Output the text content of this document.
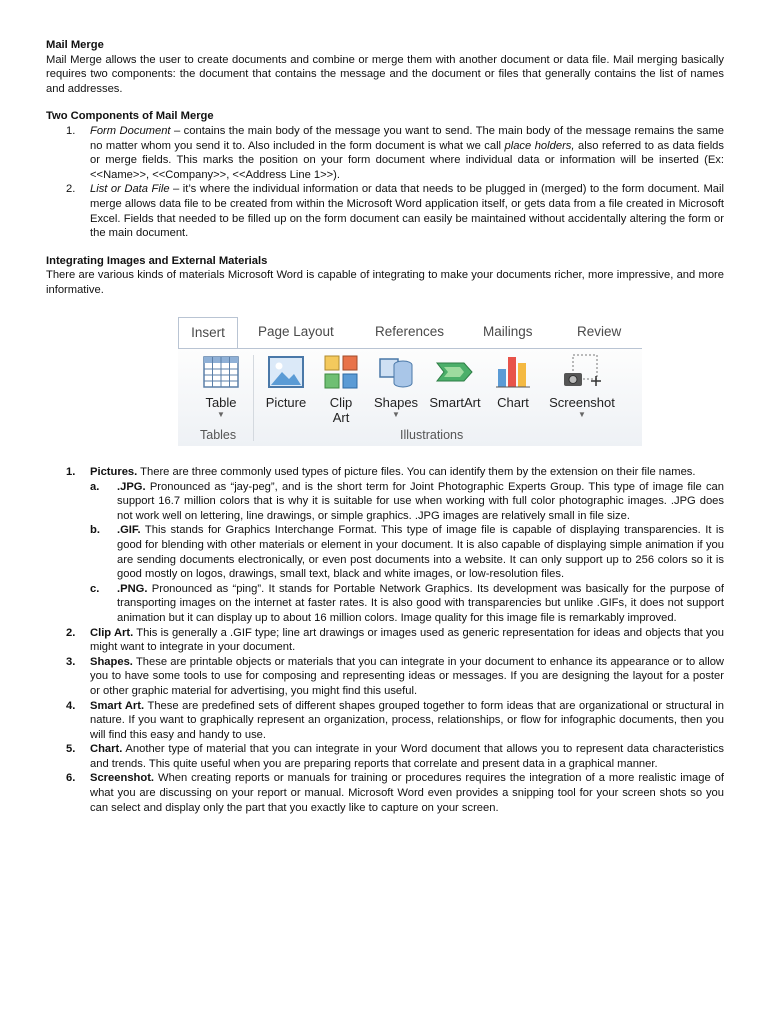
Mail Merge

Mail Merge allows the user to create documents and combine or merge them with another document or data file. Mail merging basically requires two components: the document that contains the message and the document or files that generally contains the list of names and addresses.

Two Components of Mail Merge
1. Form Document – contains the main body of the message you want to send. The main body of the message remains the same no matter whom you send it to. Also included in the form document is what we call place holders, also referred to as data fields or merge fields. This marks the position on your form document where individual data or information will be inserted (Ex: <<Name>>, <<Company>>, <<Address Line 1>>).
2. List or Data File – it’s where the individual information or data that needs to be plugged in (merged) to the form document. Mail merge allows data file to be created from within the Microsoft Word application itself, or gets data from a file created in Microsoft Excel. Fields that needed to be filled up on the form document can easily be maintained without accidentally altering the form or the main document.
Integrating Images and External Materials

There are various kinds of materials Microsoft Word is capable of integrating to make your documents richer, more impressive, and more informative.

Insert	Page Layout	References	Mailings	Review
Table
▼
Tables
Picture	Clip
Art
Shapes
▼
SmartArt	Chart	Screenshot
▼
Illustrations
1. Pictures. There are three commonly used types of picture files. You can identify them by the extension on their file names.
a. .JPG. Pronounced as “jay-peg”, and is the short term for Joint Photographic Experts Group. This type of image file can support 16.7 million colors that is why it is suitable for use when working with full color photographic images. .JPG does not work well on lettering, line drawings, or simple graphics. .JPG images are relatively small in file size.
b. .GIF. This stands for Graphics Interchange Format. This type of image file is capable of displaying transparencies. It is good for blending with other materials or element in your document. It is also capable of displaying simple animation if you are sending documents electronically, or even post documents into a website. It can only support up to 256 colors so it is good mostly on logos, drawings, small text, black and white images, or low-resolution files.
c. .PNG. Pronounced as “ping”. It stands for Portable Network Graphics. Its development was basically for the purpose of transporting images on the internet at faster rates. It is also good with transparencies but unlike .GIFs, it does not support animation but it can display up to about 16 million colors. Image quality for this image file is remarkably improved.
2. Clip Art. This is generally a .GIF type; line art drawings or images used as generic representation for ideas and objects that you might want to integrate in your document.
3. Shapes. These are printable objects or materials that you can integrate in your document to enhance its appearance or to allow you to have some tools to use for composing and representing ideas or messages. If you are designing the layout for a poster or other graphic material for advertising, you might find this useful.
4. Smart Art. These are predefined sets of different shapes grouped together to form ideas that are organizational or structural in nature. If you want to graphically represent an organization, process, relationships, or flow for infographic documents, then you will find this easy and handy to use.
5. Chart. Another type of material that you can integrate in your Word document that allows you to represent data characteristics and trends. This quite useful when you are preparing reports that correlate and present data in a graphical manner.
6. Screenshot. When creating reports or manuals for training or procedures requires the integration of a more realistic image of what you are discussing on your report or manual. Microsoft Word even provides a snipping tool for your screen shots so you can select and display only the part that you exactly like to capture on your screen.
